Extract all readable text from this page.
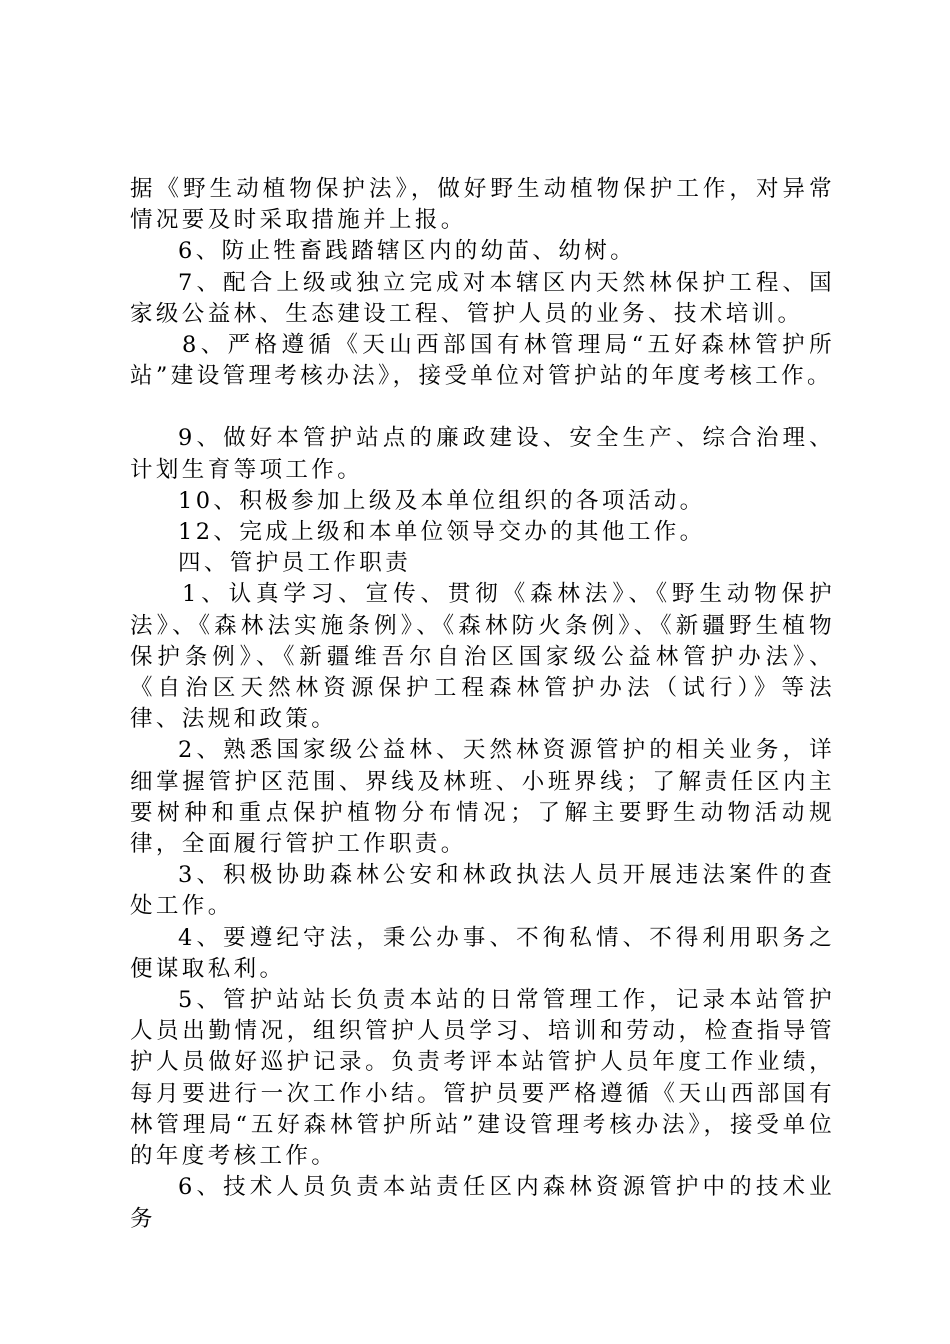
据《野生动植物保护法》，做好野生动植物保护工作，对异常情况要及时采取措施并上报。

6、防止牲畜践踏辖区内的幼苗、幼树。

7、配合上级或独立完成对本辖区内天然林保护工程、国家级公益林、生态建设工程、管护人员的业务、技术培训。

8、严格遵循《天山西部国有林管理局“五好森林管护所站”建设管理考核办法》，接受单位对管护站的年度考核工作。

9、做好本管护站点的廉政建设、安全生产、综合治理、计划生育等项工作。

10、积极参加上级及本单位组织的各项活动。

12、完成上级和本单位领导交办的其他工作。

四、管护员工作职责

1、认真学习、宣传、贯彻《森林法》、《野生动物保护法》、《森林法实施条例》、《森林防火条例》、《新疆野生植物保护条例》、《新疆维吾尔自治区国家级公益林管护办法》、《自治区天然林资源保护工程森林管护办法（试行）》等法律、法规和政策。

2、熟悉国家级公益林、天然林资源管护的相关业务，详细掌握管护区范围、界线及林班、小班界线；了解责任区内主要树种和重点保护植物分布情况；了解主要野生动物活动规律，全面履行管护工作职责。

3、积极协助森林公安和林政执法人员开展违法案件的查处工作。

4、要遵纪守法，秉公办事、不徇私情、不得利用职务之便谋取私利。

5、管护站站长负责本站的日常管理工作，记录本站管护人员出勤情况，组织管护人员学习、培训和劳动，检查指导管护人员做好巡护记录。负责考评本站管护人员年度工作业绩，每月要进行一次工作小结。管护员要严格遵循《天山西部国有林管理局“五好森林管护所站”建设管理考核办法》，接受单位的年度考核工作。

6、技术人员负责本站责任区内森林资源管护中的技术业务
